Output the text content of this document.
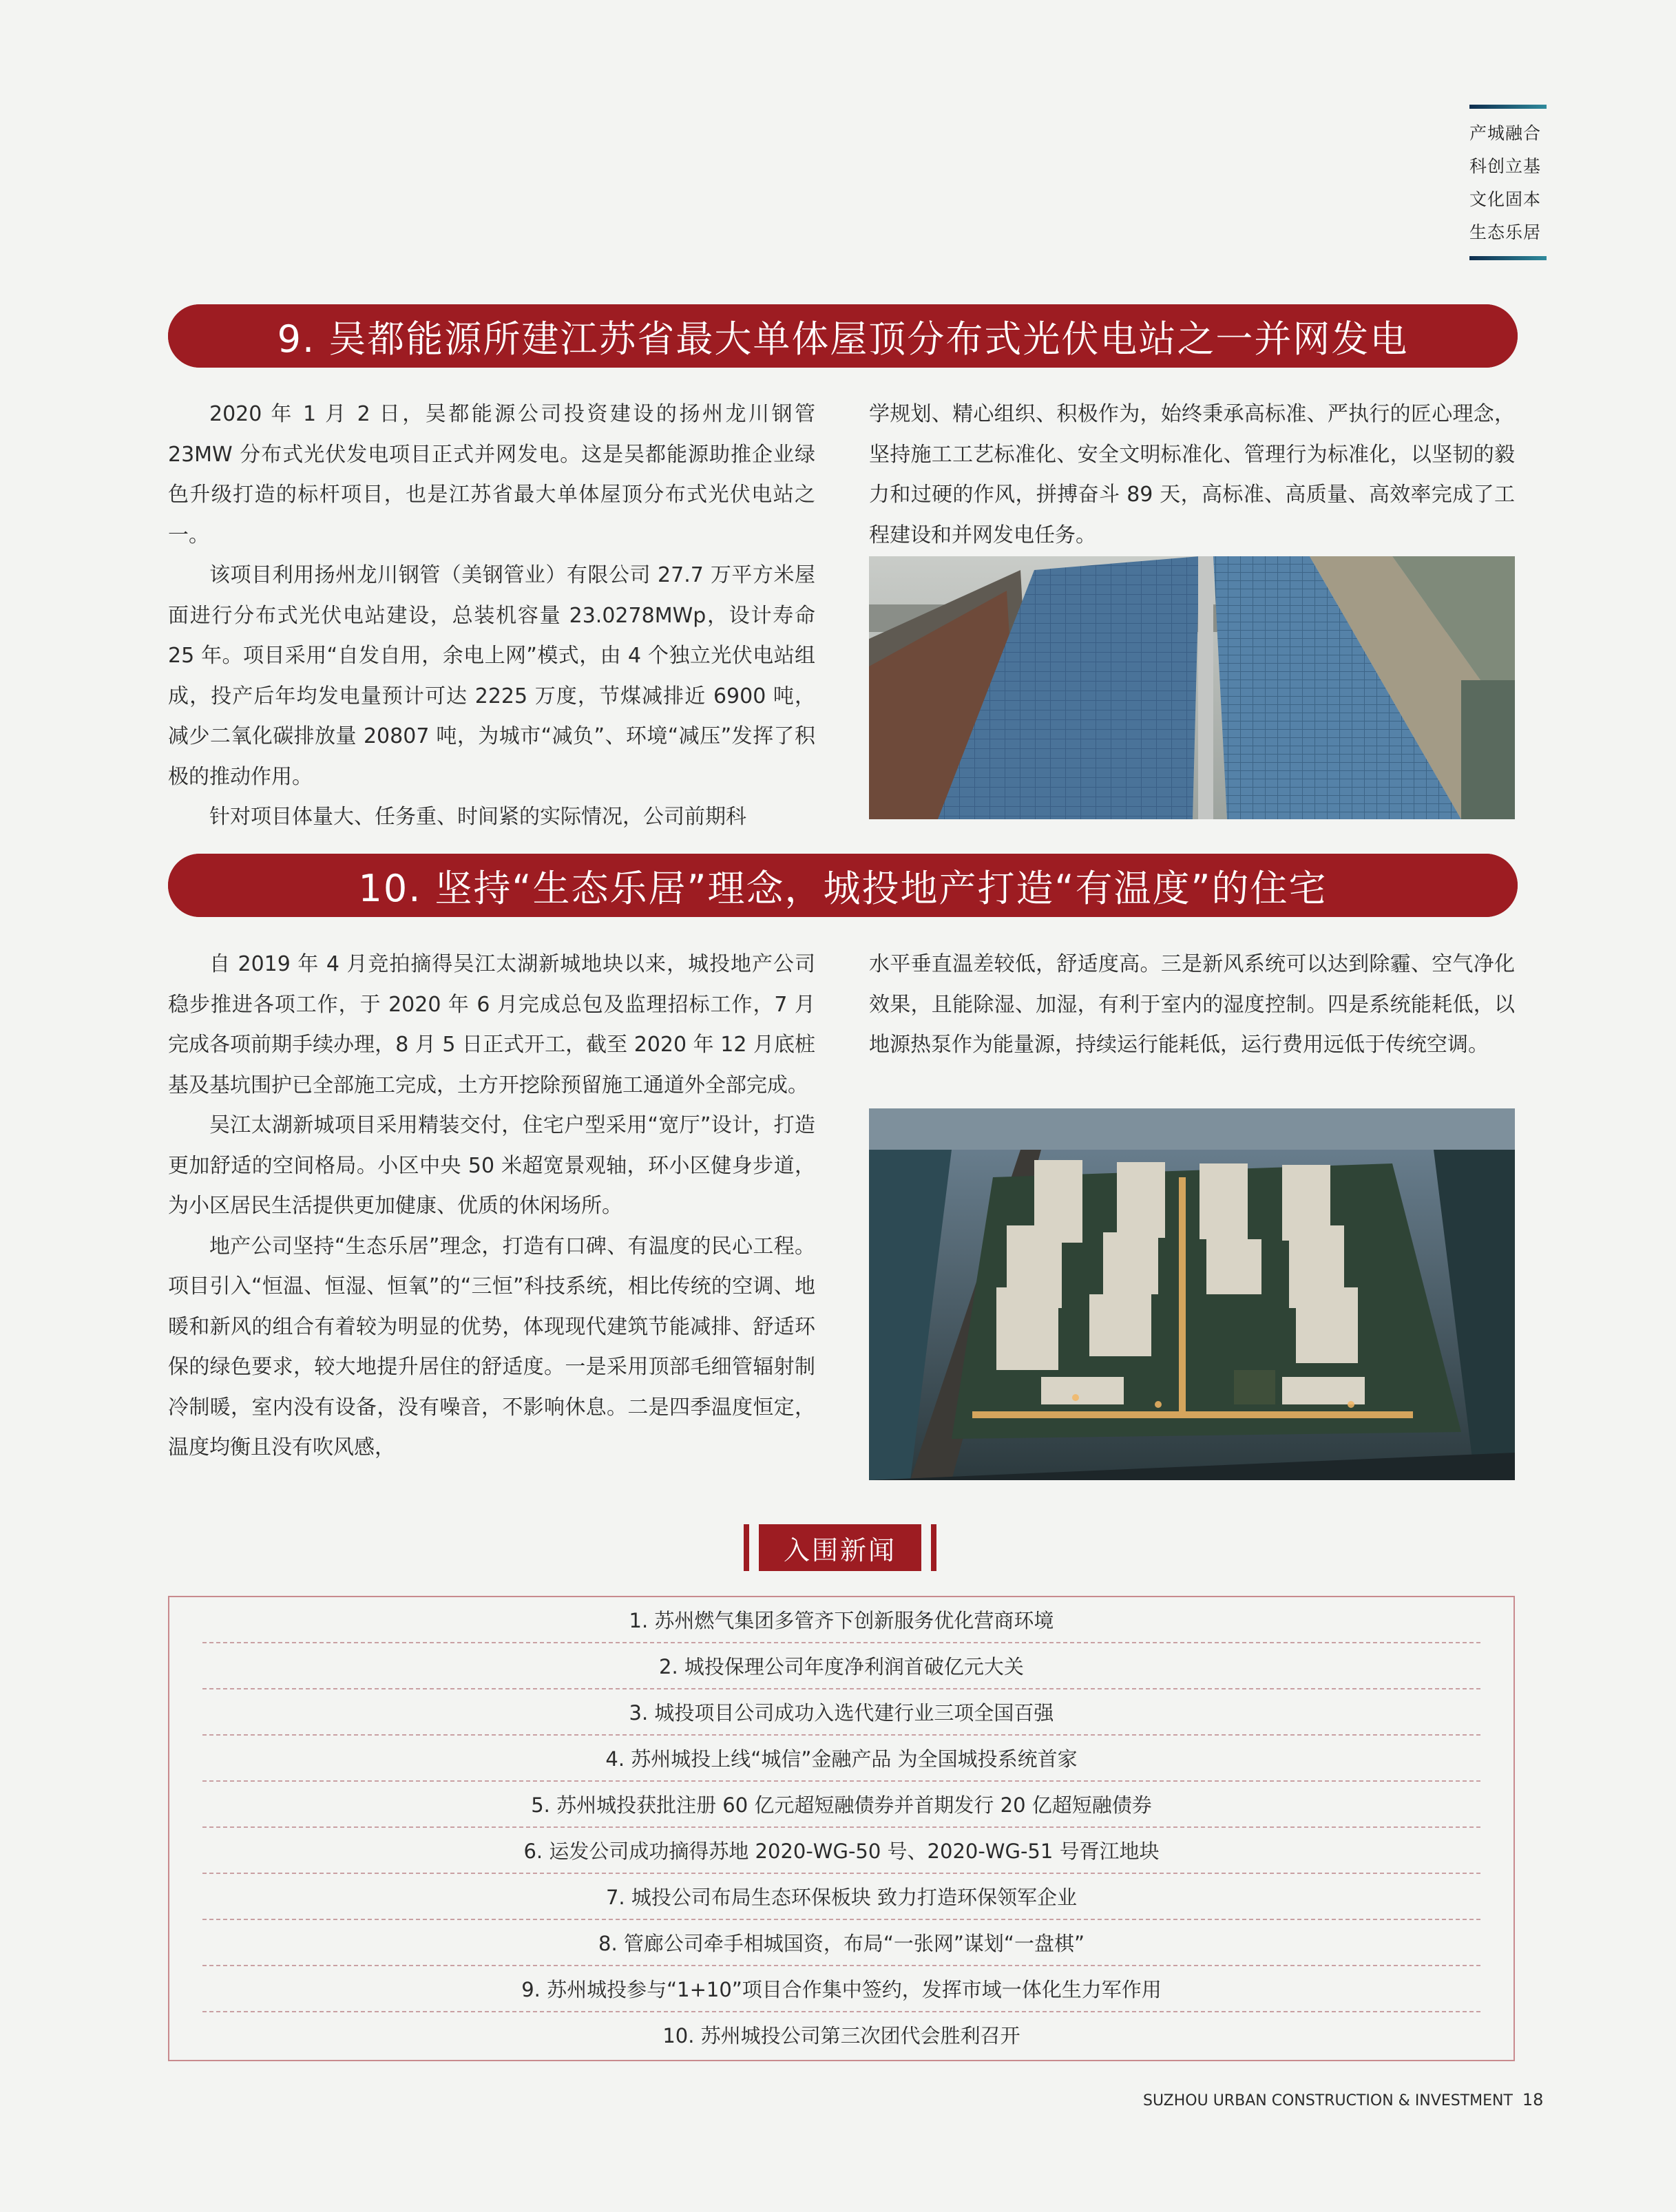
产城融合
科创立基
文化固本
生态乐居
9. 吴都能源所建江苏省最大单体屋顶分布式光伏电站之一并网发电

2020 年 1 月 2 日，吴都能源公司投资建设的扬州龙川钢管 23MW 分布式光伏发电项目正式并网发电。这是吴都能源助推企业绿色升级打造的标杆项目，也是江苏省最大单体屋顶分布式光伏电站之一。

该项目利用扬州龙川钢管（美钢管业）有限公司 27.7 万平方米屋面进行分布式光伏电站建设，总装机容量 23.0278MWp，设计寿命 25 年。项目采用“自发自用，余电上网”模式，由 4 个独立光伏电站组成，投产后年均发电量预计可达 2225 万度，节煤减排近 6900 吨，减少二氧化碳排放量 20807 吨，为城市“减负”、环境“减压”发挥了积极的推动作用。

针对项目体量大、任务重、时间紧的实际情况，公司前期科

学规划、精心组织、积极作为，始终秉承高标准、严执行的匠心理念，坚持施工工艺标准化、安全文明标准化、管理行为标准化，以坚韧的毅力和过硬的作风，拼搏奋斗 89 天，高标准、高质量、高效率完成了工程建设和并网发电任务。

10. 坚持“生态乐居”理念，城投地产打造“有温度”的住宅

自 2019 年 4 月竞拍摘得吴江太湖新城地块以来，城投地产公司稳步推进各项工作，于 2020 年 6 月完成总包及监理招标工作，7 月完成各项前期手续办理，8 月 5 日正式开工，截至 2020 年 12 月底桩基及基坑围护已全部施工完成，土方开挖除预留施工通道外全部完成。

吴江太湖新城项目采用精装交付，住宅户型采用“宽厅”设计，打造更加舒适的空间格局。小区中央 50 米超宽景观轴，环小区健身步道，为小区居民生活提供更加健康、优质的休闲场所。

地产公司坚持“生态乐居”理念，打造有口碑、有温度的民心工程。项目引入“恒温、恒湿、恒氧”的“三恒”科技系统，相比传统的空调、地暖和新风的组合有着较为明显的优势，体现现代建筑节能减排、舒适环保的绿色要求，较大地提升居住的舒适度。一是采用顶部毛细管辐射制冷制暖，室内没有设备，没有噪音，不影响休息。二是四季温度恒定，温度均衡且没有吹风感，

水平垂直温差较低，舒适度高。三是新风系统可以达到除霾、空气净化效果，且能除湿、加湿，有利于室内的湿度控制。四是系统能耗低，以地源热泵作为能量源，持续运行能耗低，运行费用远低于传统空调。

入围新闻
1. 苏州燃气集团多管齐下创新服务优化营商环境
2. 城投保理公司年度净利润首破亿元大关
3. 城投项目公司成功入选代建行业三项全国百强
4. 苏州城投上线“城信”金融产品 为全国城投系统首家
5. 苏州城投获批注册 60 亿元超短融债券并首期发行 20 亿超短融债券
6. 运发公司成功摘得苏地 2020-WG-50 号、2020-WG-51 号胥江地块
7. 城投公司布局生态环保板块 致力打造环保领军企业
8. 管廊公司牵手相城国资，布局“一张网”谋划“一盘棋”
9. 苏州城投参与“1+10”项目合作集中签约，发挥市域一体化生力军作用
10. 苏州城投公司第三次团代会胜利召开
SUZHOU URBAN CONSTRUCTION & INVESTMENT 18
